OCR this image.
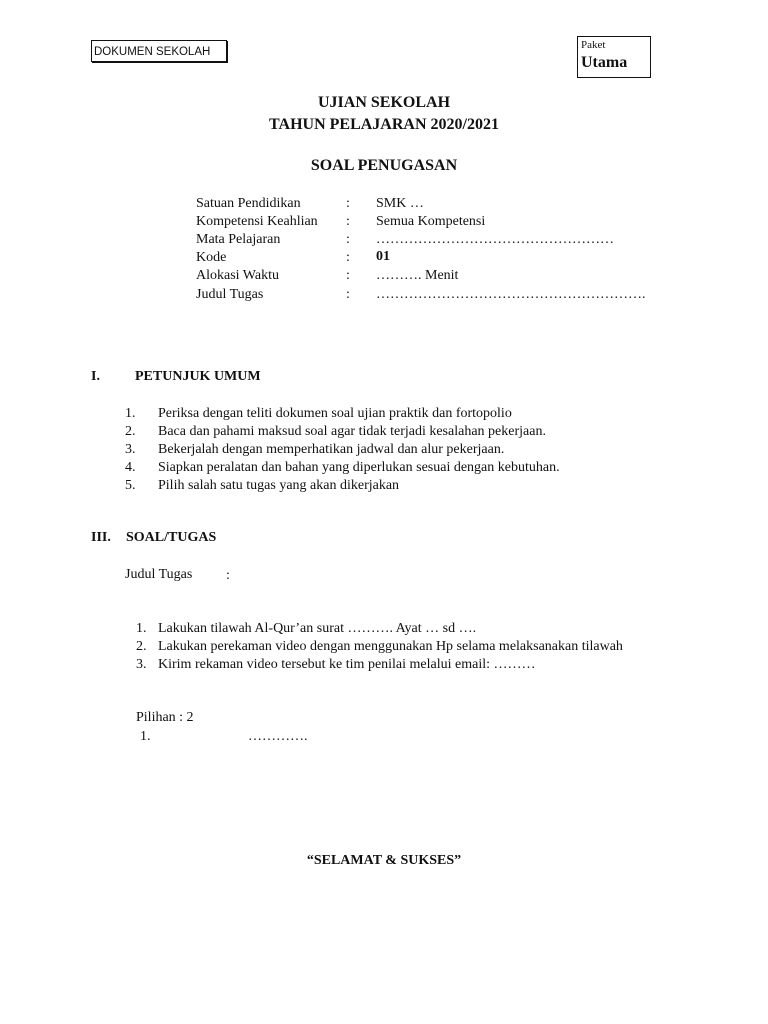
DOKUMEN SEKOLAH
Paket
Utama
UJIAN SEKOLAH
TAHUN PELAJARAN 2020/2021
SOAL PENUGASAN
Satuan Pendidikan	: SMK …
Kompetensi Keahlian : Semua Kompetensi
Mata Pelajaran	: ……………………………………………
Kode	: 01
Alokasi Waktu	: ………. Menit
Judul Tugas	: ………………………………………………….
I.	PETUNJUK UMUM
1. Periksa dengan teliti dokumen soal ujian praktik dan fortopolio
2. Baca dan pahami maksud soal agar tidak terjadi kesalahan pekerjaan.
3. Bekerjalah dengan memperhatikan jadwal dan alur pekerjaan.
4. Siapkan peralatan dan bahan yang diperlukan sesuai dengan kebutuhan.
5. Pilih salah satu tugas yang akan dikerjakan
III. SOAL/TUGAS
Judul Tugas :
1. Lakukan tilawah Al-Qur’an surat ………. Ayat … sd ….
2. Lakukan perekaman video dengan menggunakan Hp selama melaksanakan tilawah
3. Kirim rekaman video tersebut ke tim penilai melalui email: ………
Pilihan : 2
1.	………….
“SELAMAT & SUKSES”
